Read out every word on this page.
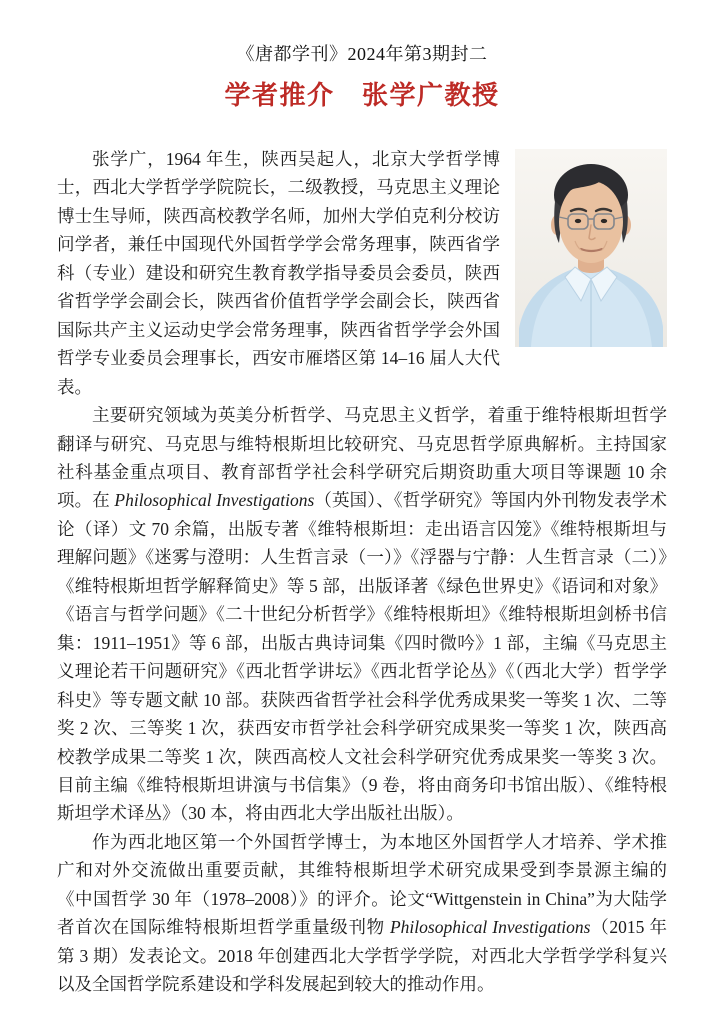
《唐都学刊》2024年第3期封二
学者推介　张学广教授

张学广，1964 年生，陕西吴起人，北京大学哲学博士，西北大学哲学学院院长，二级教授，马克思主义理论博士生导师，陕西高校教学名师，加州大学伯克利分校访问学者，兼任中国现代外国哲学学会常务理事，陕西省学科（专业）建设和研究生教育教学指导委员会委员，陕西省哲学学会副会长，陕西省价值哲学学会副会长，陕西省国际共产主义运动史学会常务理事，陕西省哲学学会外国哲学专业委员会理事长，西安市雁塔区第 14–16 届人大代表。

主要研究领域为英美分析哲学、马克思主义哲学，着重于维特根斯坦哲学翻译与研究、马克思与维特根斯坦比较研究、马克思哲学原典解析。主持国家社科基金重点项目、教育部哲学社会科学研究后期资助重大项目等课题 10 余项。在 Philosophical Investigations（英国）、《哲学研究》等国内外刊物发表学术论（译）文 70 余篇，出版专著《维特根斯坦：走出语言囚笼》《维特根斯坦与理解问题》《迷雾与澄明：人生哲言录（一）》《浮器与宁静：人生哲言录（二）》《维特根斯坦哲学解释简史》等 5 部，出版译著《绿色世界史》《语词和对象》《语言与哲学问题》《二十世纪分析哲学》《维特根斯坦》《维特根斯坦剑桥书信集：1911–1951》等 6 部，出版古典诗词集《四时微吟》1 部，主编《马克思主义理论若干问题研究》《西北哲学讲坛》《西北哲学论丛》《（西北大学）哲学学科史》等专题文献 10 部。获陕西省哲学社会科学优秀成果奖一等奖 1 次、二等奖 2 次、三等奖 1 次，获西安市哲学社会科学研究成果奖一等奖 1 次，陕西高校教学成果二等奖 1 次，陕西高校人文社会科学研究优秀成果奖一等奖 3 次。目前主编《维特根斯坦讲演与书信集》（9 卷，将由商务印书馆出版）、《维特根斯坦学术译丛》（30 本，将由西北大学出版社出版）。

作为西北地区第一个外国哲学博士，为本地区外国哲学人才培养、学术推广和对外交流做出重要贡献，其维特根斯坦学术研究成果受到李景源主编的《中国哲学 30 年（1978–2008）》的评介。论文“Wittgenstein in China”为大陆学者首次在国际维特根斯坦哲学重量级刊物 Philosophical Investigations（2015 年第 3 期）发表论文。2018 年创建西北大学哲学学院，对西北大学哲学学科复兴以及全国哲学院系建设和学科发展起到较大的推动作用。
